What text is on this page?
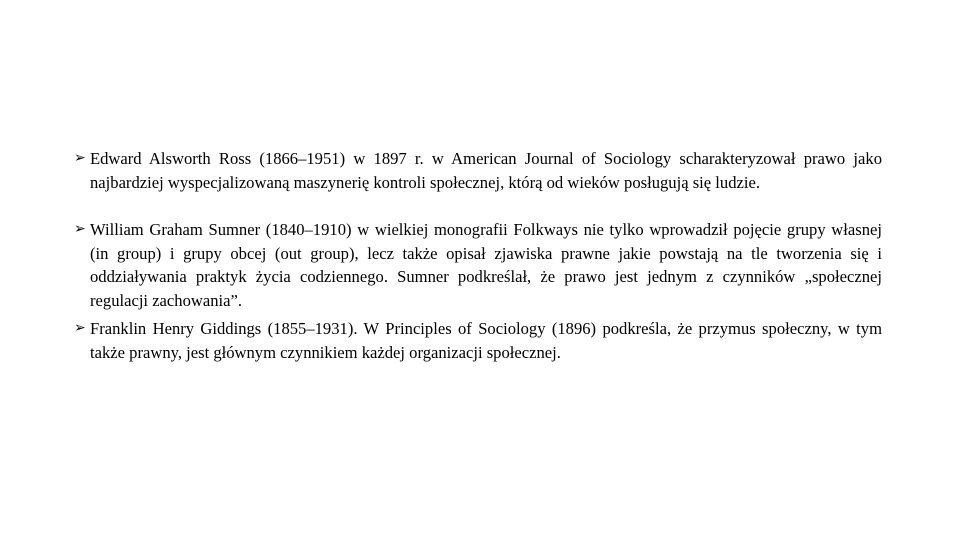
➢ Edward Alsworth Ross (1866–1951) w 1897 r. w American Journal of Sociology scharakteryzował prawo jako najbardziej wyspecjalizowaną maszynerię kontroli społecznej, którą od wieków posługują się ludzie.
➢ William Graham Sumner (1840–1910) w wielkiej monografii Folkways nie tylko wprowadził pojęcie grupy własnej (in group) i grupy obcej (out group), lecz także opisał zjawiska prawne jakie powstają na tle tworzenia się i oddziaływania praktyk życia codziennego. Sumner podkreślał, że prawo jest jednym z czynników „społecznej regulacji zachowania”.
➢ Franklin Henry Giddings (1855–1931). W Principles of Sociology (1896) podkreśla, że przymus społeczny, w tym także prawny, jest głównym czynnikiem każdej organizacji społecznej.
